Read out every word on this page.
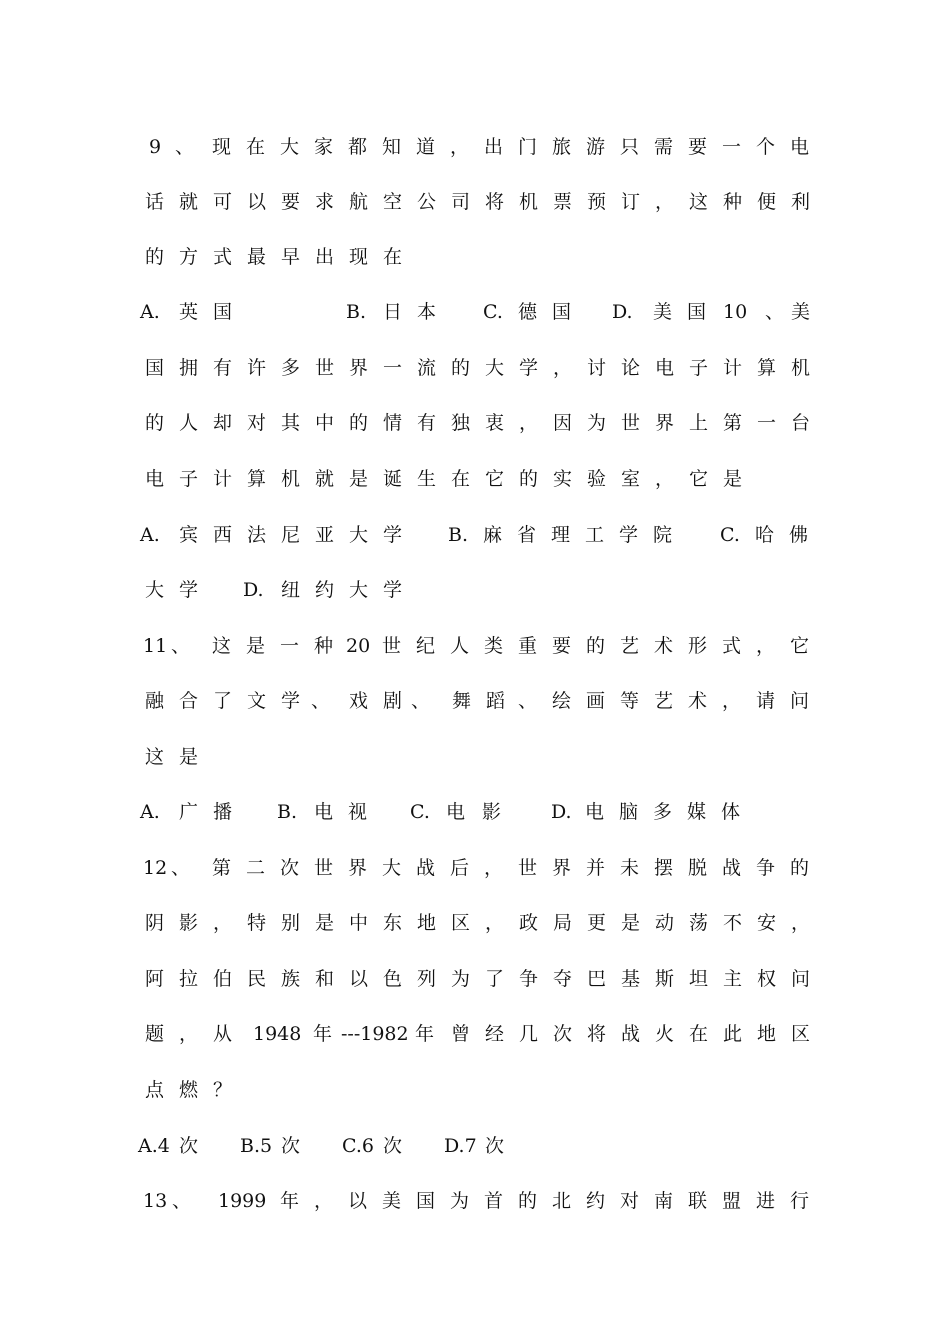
9 、 现 在 大 家 都 知 道 ， 出 门 旅 游 只 需 要 一 个 电
话 就 可 以 要 求 航 空 公 司 将 机 票 预 订 ， 这 种 便 利
的 方 式 最 早 出 现 在
A. 英 国	B. 日 本 C. 德 国 D. 美 国 10 、 美
国 拥 有 许 多 世 界 一 流 的 大 学 ， 讨 论 电 子 计 算 机
的 人 却 对 其 中 的 情 有 独 衷 ， 因 为 世 界 上 第 一 台
电 子 计 算 机 就 是 诞 生 在 它 的 实 验 室 ， 它 是
A. 宾 西 法 尼 亚 大 学 B. 麻 省 理 工 学 院	C. 哈 佛
大 学 D. 纽 约 大 学
11 、 这 是 一 种 20 世 纪 人 类 重 要 的 艺 术 形 式 ， 它
融 合 了 文 学 、 戏 剧 、 舞 蹈 、 绘 画 等 艺 术 ， 请 问
这 是
A. 广 播 B. 电 视 C. 电 影	D. 电 脑 多 媒 体
12 、 第 二 次 世 界 大 战 后 ， 世 界 并 未 摆 脱 战 争 的
阴 影 ， 特 别 是 中 东 地 区 ， 政 局 更 是 动 荡 不 安 ，
阿 拉 伯 民 族 和 以 色 列 为 了 争 夺 巴 基 斯 坦 主 权 问
题 ， 从 1948 年 ---1982 年 曾 经 几 次 将 战 火 在 此 地 区
点 燃 ？
A.4 次 B.5 次 C.6 次 D.7 次
13 、 1999 年 ， 以 美 国 为 首 的 北 约 对 南 联 盟 进 行
